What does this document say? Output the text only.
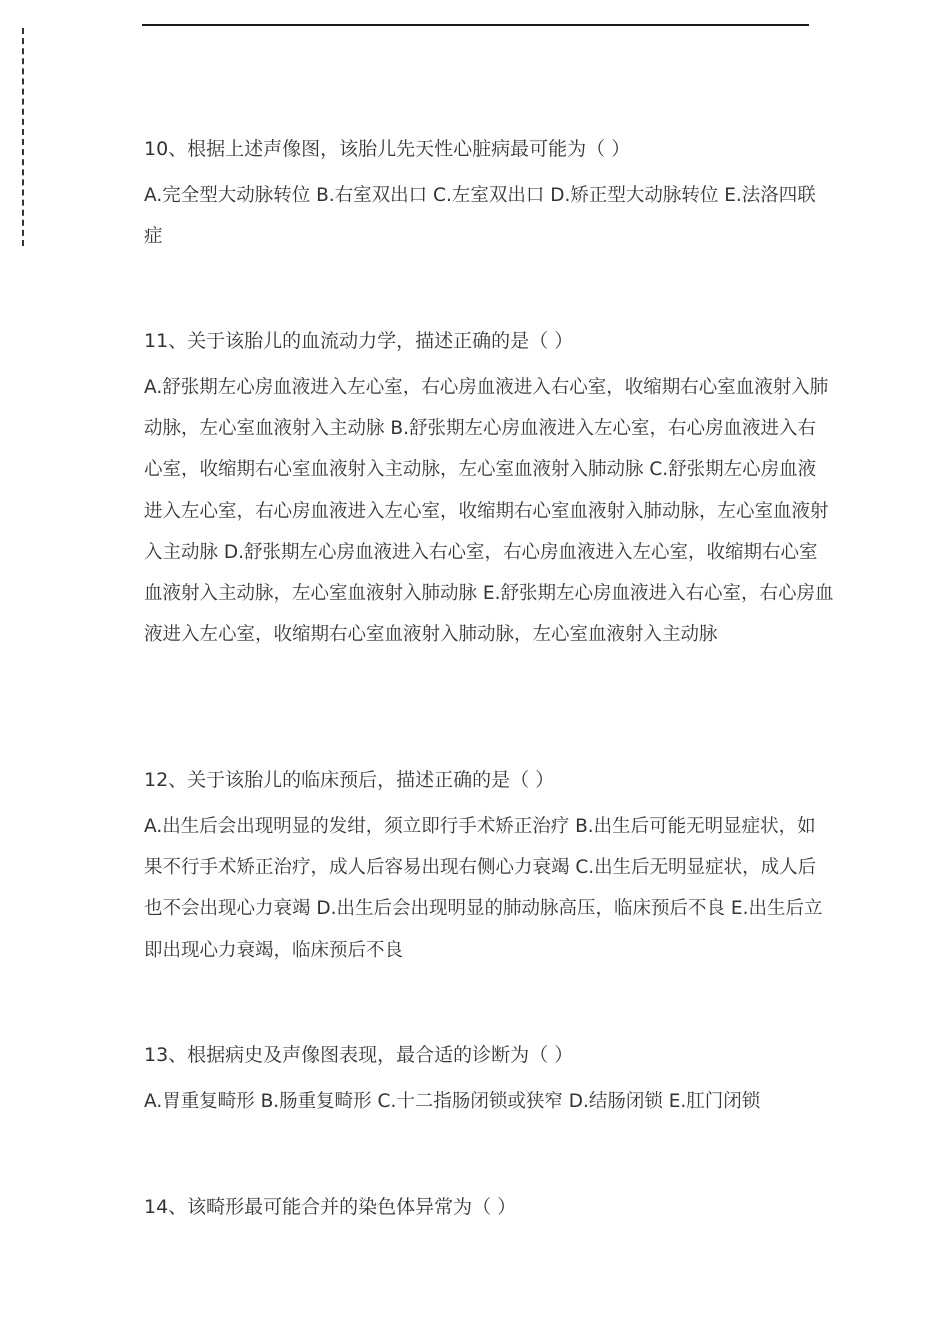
10、根据上述声像图，该胎儿先天性心脏病最可能为（ ）
A.完全型大动脉转位 B.右室双出口 C.左室双出口 D.矫正型大动脉转位 E.法洛四联症
11、关于该胎儿的血流动力学，描述正确的是（ ）
A.舒张期左心房血液进入左心室，右心房血液进入右心室，收缩期右心室血液射入肺动脉，左心室血液射入主动脉 B.舒张期左心房血液进入左心室，右心房血液进入右心室，收缩期右心室血液射入主动脉，左心室血液射入肺动脉 C.舒张期左心房血液进入左心室，右心房血液进入左心室，收缩期右心室血液射入肺动脉，左心室血液射入主动脉 D.舒张期左心房血液进入右心室，右心房血液进入左心室，收缩期右心室血液射入主动脉，左心室血液射入肺动脉 E.舒张期左心房血液进入右心室，右心房血液进入左心室，收缩期右心室血液射入肺动脉，左心室血液射入主动脉
12、关于该胎儿的临床预后，描述正确的是（ ）
A.出生后会出现明显的发绀，须立即行手术矫正治疗 B.出生后可能无明显症状，如果不行手术矫正治疗，成人后容易出现右侧心力衰竭 C.出生后无明显症状，成人后也不会出现心力衰竭 D.出生后会出现明显的肺动脉高压，临床预后不良 E.出生后立即出现心力衰竭，临床预后不良
13、根据病史及声像图表现，最合适的诊断为（ ）
A.胃重复畸形 B.肠重复畸形 C.十二指肠闭锁或狭窄 D.结肠闭锁 E.肛门闭锁
14、该畸形最可能合并的染色体异常为（ ）
